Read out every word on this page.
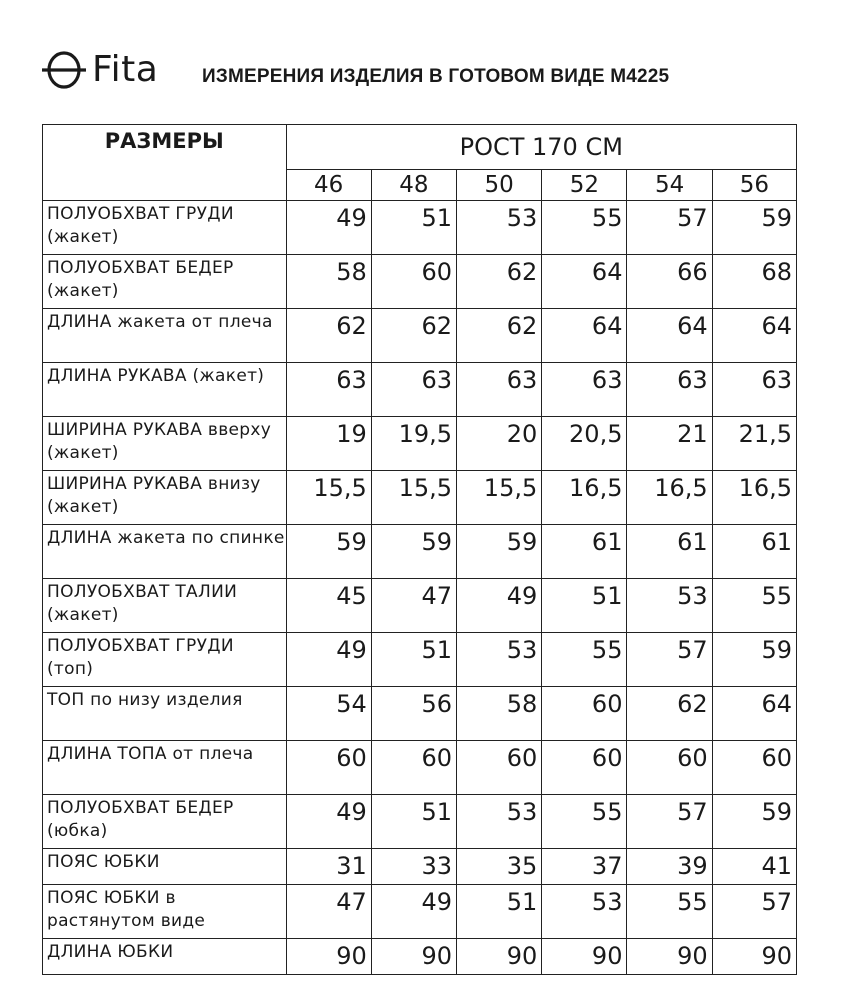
Fita ИЗМЕРЕНИЯ ИЗДЕЛИЯ В ГОТОВОМ ВИДЕ M4225
РАЗМЕРЫ	РОСТ 170 СМ					
	46	48	50	52	54	56
ПОЛУОБХВАТ ГРУДИ (жакет)	49	51	53	55	57	59
ПОЛУОБХВАТ БЕДЕР (жакет)	58	60	62	64	66	68
ДЛИНА жакета от плеча	62	62	62	64	64	64
ДЛИНА РУКАВА (жакет)	63	63	63	63	63	63
ШИРИНА РУКАВА вверху (жакет)	19	19,5	20	20,5	21	21,5
ШИРИНА РУКАВА внизу (жакет)	15,5	15,5	15,5	16,5	16,5	16,5
ДЛИНА жакета по спинке	59	59	59	61	61	61
ПОЛУОБХВАТ ТАЛИИ (жакет)	45	47	49	51	53	55
ПОЛУОБХВАТ ГРУДИ (топ)	49	51	53	55	57	59
ТОП по низу изделия	54	56	58	60	62	64
ДЛИНА ТОПА от плеча	60	60	60	60	60	60
ПОЛУОБХВАТ БЕДЕР (юбка)	49	51	53	55	57	59
ПОЯС ЮБКИ	31	33	35	37	39	41
ПОЯС ЮБКИ в растянутом виде	47	49	51	53	55	57
ДЛИНА ЮБКИ	90	90	90	90	90	90
